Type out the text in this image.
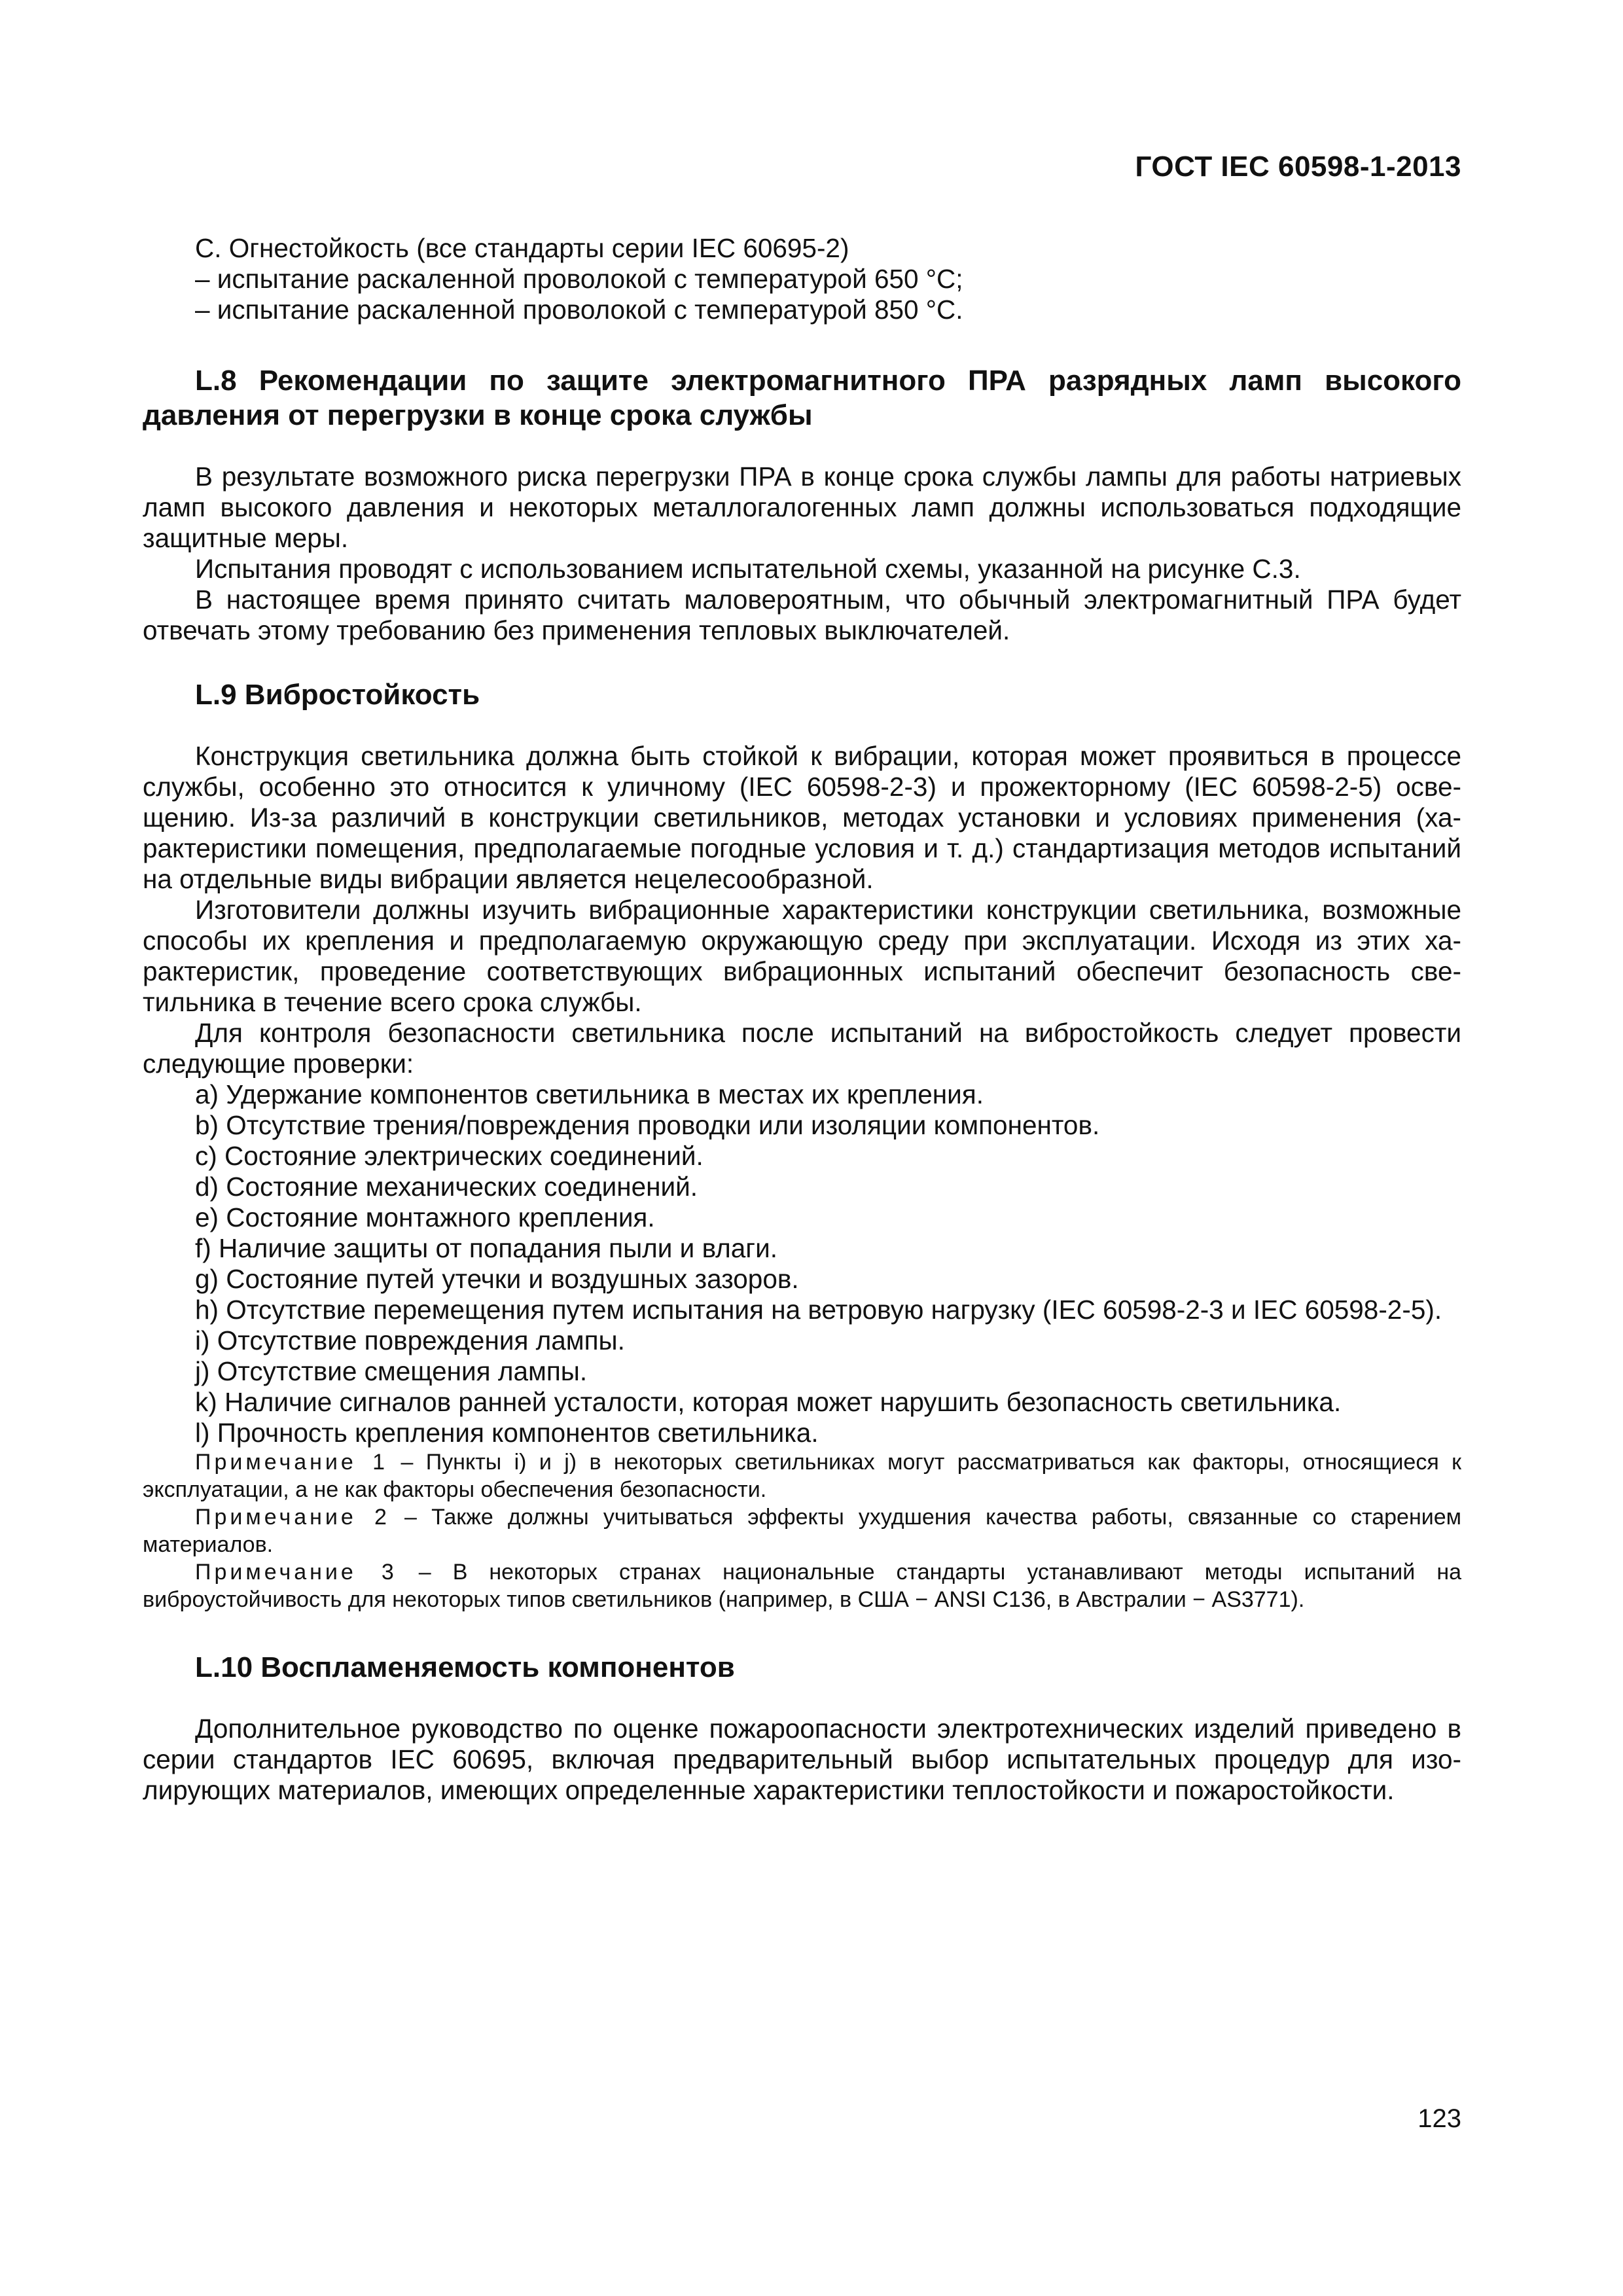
ГОСТ IEC 60598-1-2013

С. Огнестойкость (все стандарты серии IEC 60695-2)

– испытание раскаленной проволокой с температурой 650 °C;

– испытание раскаленной проволокой с температурой 850 °C.

L.8 Рекомендации по защите электромагнитного ПРА разрядных ламп высокого давления от перегрузки в конце срока службы

В результате возможного риска перегрузки ПРА в конце срока службы лампы для работы натриевых ламп высокого давления и некоторых металлогалогенных ламп должны использоваться подходящие защитные меры.

Испытания проводят с использованием испытательной схемы, указанной на рисунке С.3.

В настоящее время принято считать маловероятным, что обычный электромагнитный ПРА будет отвечать этому требованию без применения тепловых выключателей.

L.9 Вибростойкость

Конструкция светильника должна быть стойкой к вибрации, которая может проявиться в процессе службы, особенно это относится к уличному (IEC 60598-2-3) и прожекторному (IEC 60598-2-5) освещению. Из-за различий в конструкции светильников, методах установки и условиях применения (характеристики помещения, предполагаемые погодные условия и т. д.) стандартизация методов испытаний на отдельные виды вибрации является нецелесообразной.

Изготовители должны изучить вибрационные характеристики конструкции светильника, возможные способы их крепления и предполагаемую окружающую среду при эксплуатации. Исходя из этих характеристик, проведение соответствующих вибрационных испытаний обеспечит безопасность светильника в течение всего срока службы.

Для контроля безопасности светильника после испытаний на вибростойкость следует провести следующие проверки:

a) Удержание компонентов светильника в местах их крепления.

b) Отсутствие трения/повреждения проводки или изоляции компонентов.

c) Состояние электрических соединений.

d) Состояние механических соединений.

e) Состояние монтажного крепления.

f) Наличие защиты от попадания пыли и влаги.

g) Состояние путей утечки и воздушных зазоров.

h) Отсутствие перемещения путем испытания на ветровую нагрузку (IEC 60598-2-3 и IEC 60598-2-5).

i) Отсутствие повреждения лампы.

j) Отсутствие смещения лампы.

k) Наличие сигналов ранней усталости, которая может нарушить безопасность светильника.

l) Прочность крепления компонентов светильника.

Примечание 1 – Пункты i) и j) в некоторых светильниках могут рассматриваться как факторы, относящиеся к эксплуатации, а не как факторы обеспечения безопасности.

Примечание 2 – Также должны учитываться эффекты ухудшения качества работы, связанные со старением материалов.

Примечание 3 – В некоторых странах национальные стандарты устанавливают методы испытаний на виброустойчивость для некоторых типов светильников (например, в США − ANSI C136, в Австралии − AS3771).

L.10 Воспламеняемость компонентов

Дополнительное руководство по оценке пожароопасности электротехнических изделий приведено в серии стандартов IEC 60695, включая предварительный выбор испытательных процедур для изолирующих материалов, имеющих определенные характеристики теплостойкости и пожаростойкости.

123
